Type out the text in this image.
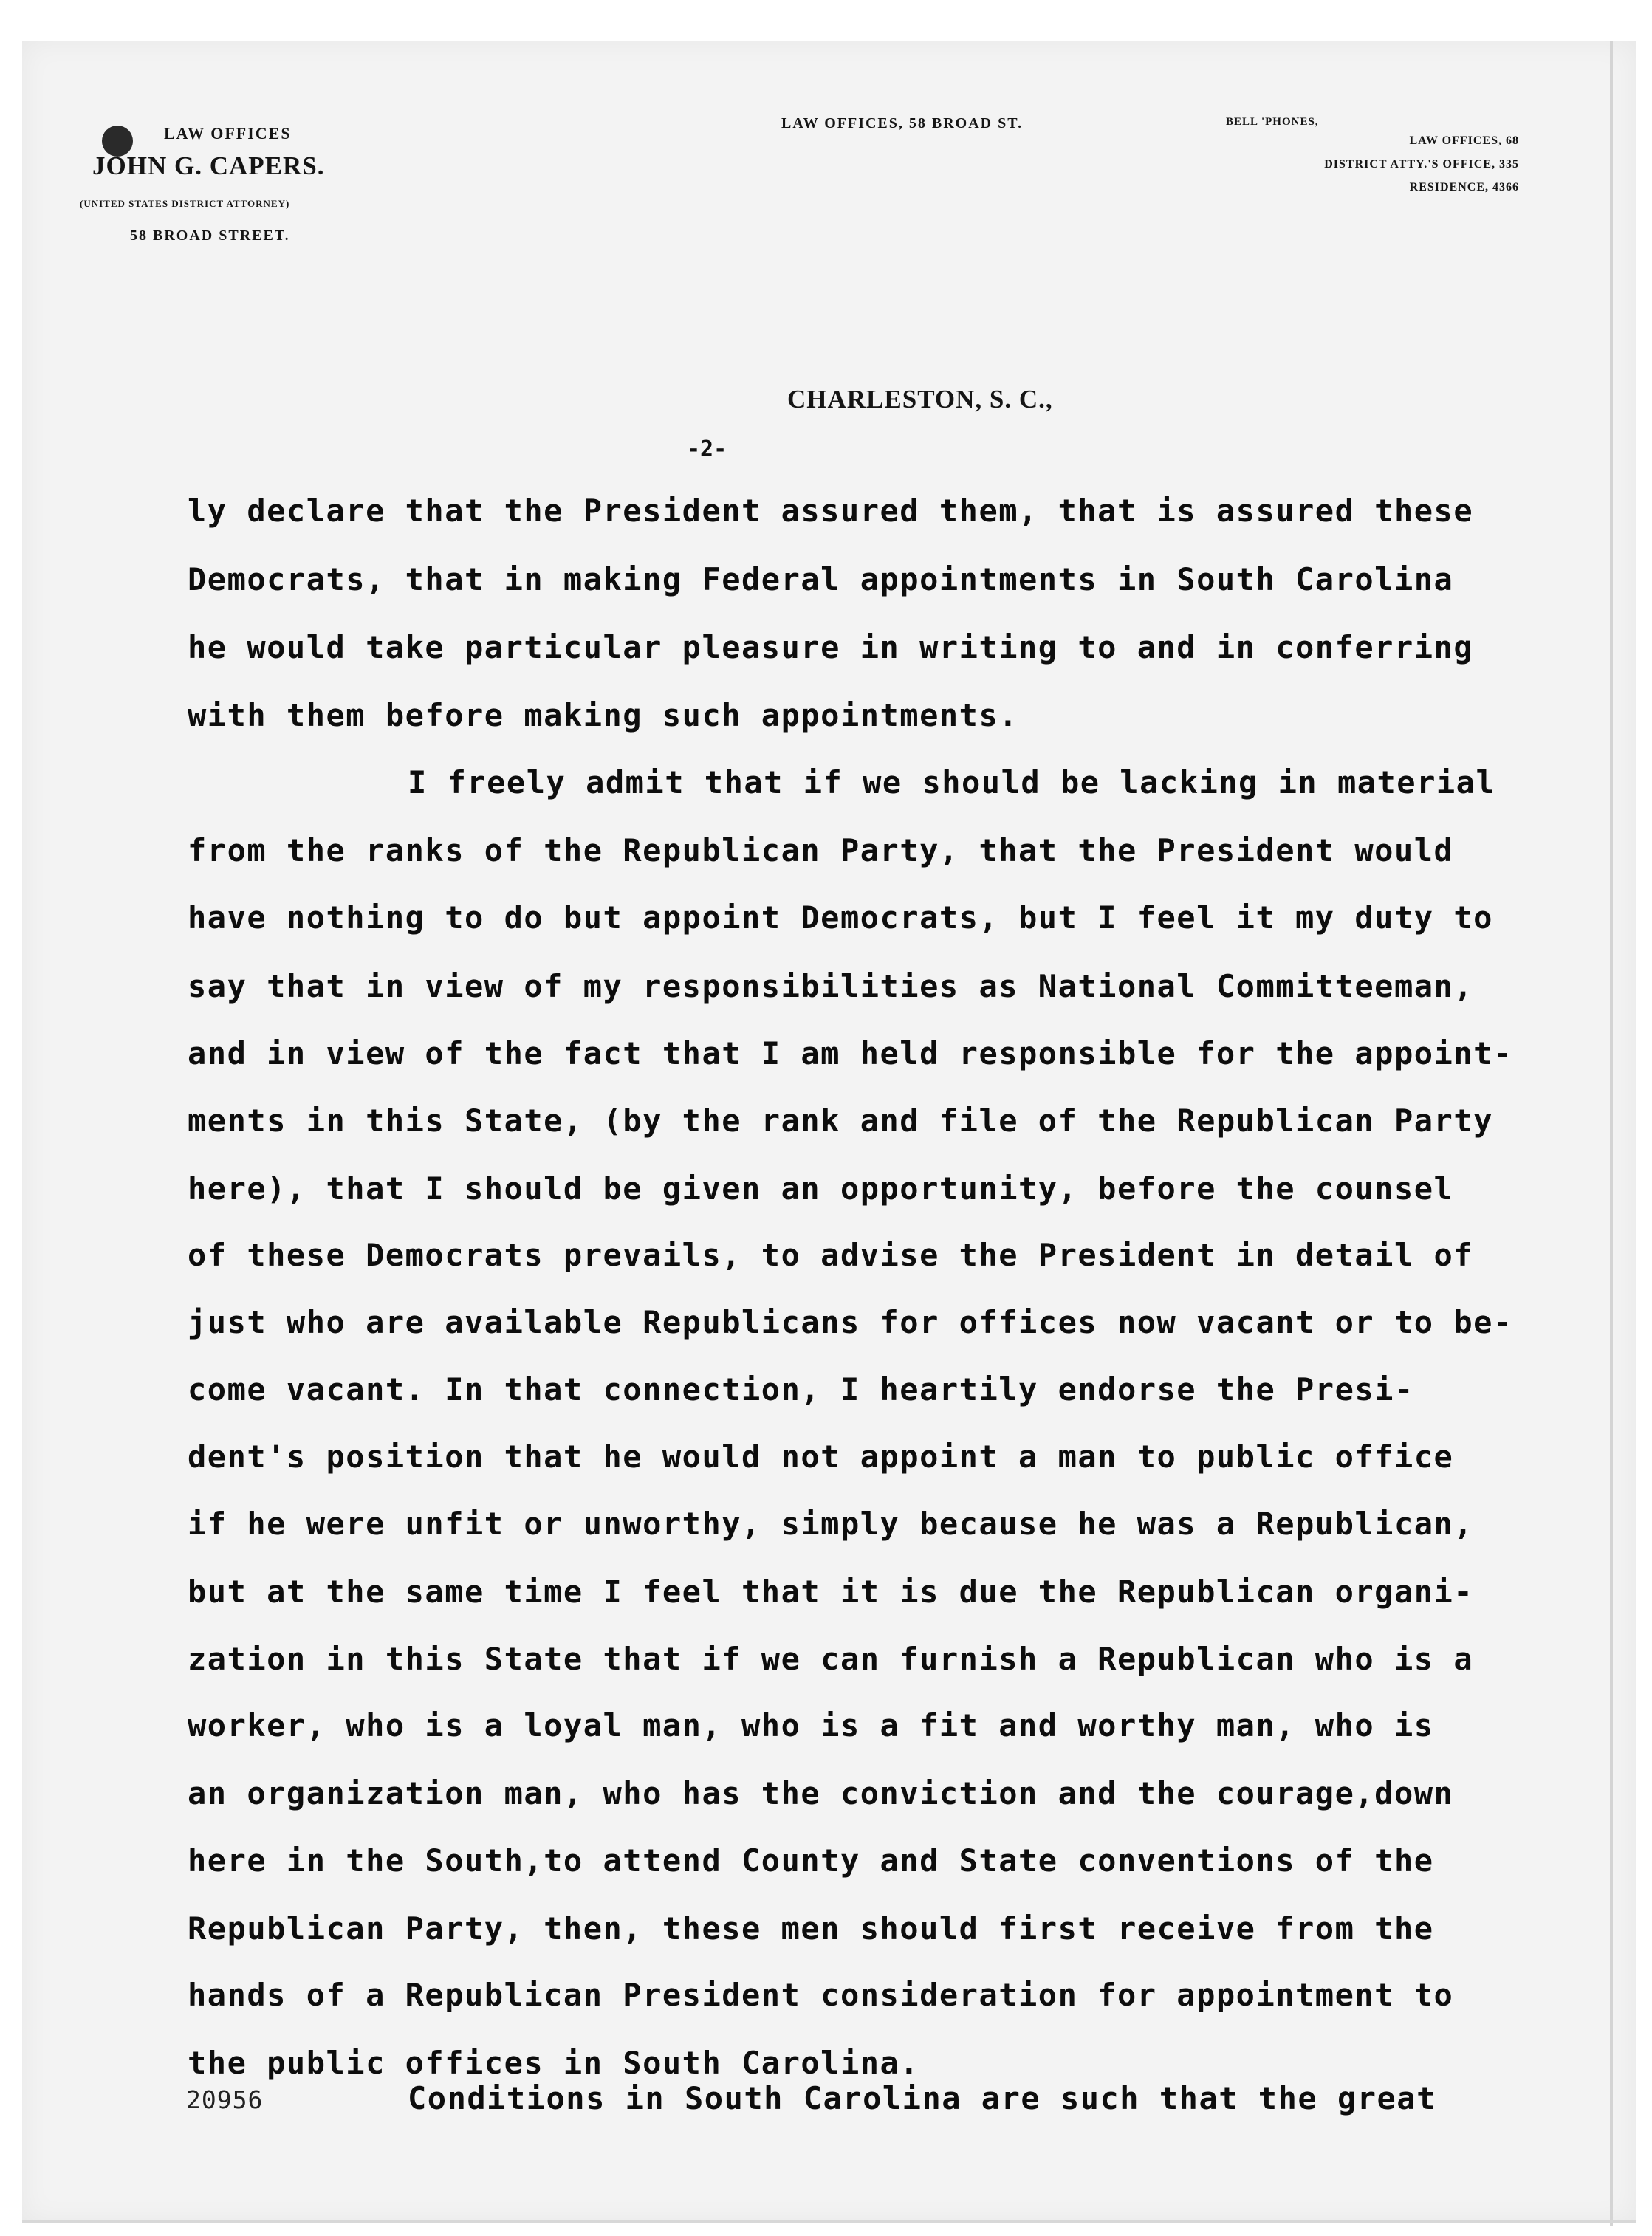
LAW OFFICES
JOHN G. CAPERS.
(UNITED STATES DISTRICT ATTORNEY)
58 BROAD STREET.
LAW OFFICES, 58 BROAD ST.	BELL 'PHONES,
LAW OFFICES, 68
DISTRICT ATTY.'S OFFICE, 335
RESIDENCE, 4366
CHARLESTON, S. C.,
-2-
ly declare that the President assured them, that is assured these
Democrats, that in making Federal appointments in South Carolina
he would take particular pleasure in writing to and in conferring
with them before making such appointments.
I freely admit that if we should be lacking in material
from the ranks of the Republican Party, that the President would
have nothing to do but appoint Democrats, but I feel it my duty to
say that in view of my responsibilities as National Committeeman,
and in view of the fact that I am held responsible for the appoint-
ments in this State, (by the rank and file of the Republican Party
here), that I should be given an opportunity, before the counsel
of these Democrats prevails, to advise the President in detail of
just who are available Republicans for offices now vacant or to be-
come vacant. In that connection, I heartily endorse the Presi-
dent's position that he would not appoint a man to public office
if he were unfit or unworthy, simply because he was a Republican,
but at the same time I feel that it is due the Republican organi-
zation in this State that if we can furnish a Republican who is a
worker, who is a loyal man, who is a fit and worthy man, who is
an organization man, who has the conviction and the courage,down
here in the South,to attend County and State conventions of the
Republican Party, then, these men should first receive from the
hands of a Republican President consideration for appointment to
the public offices in South Carolina.
20956	Conditions in South Carolina are such that the great
